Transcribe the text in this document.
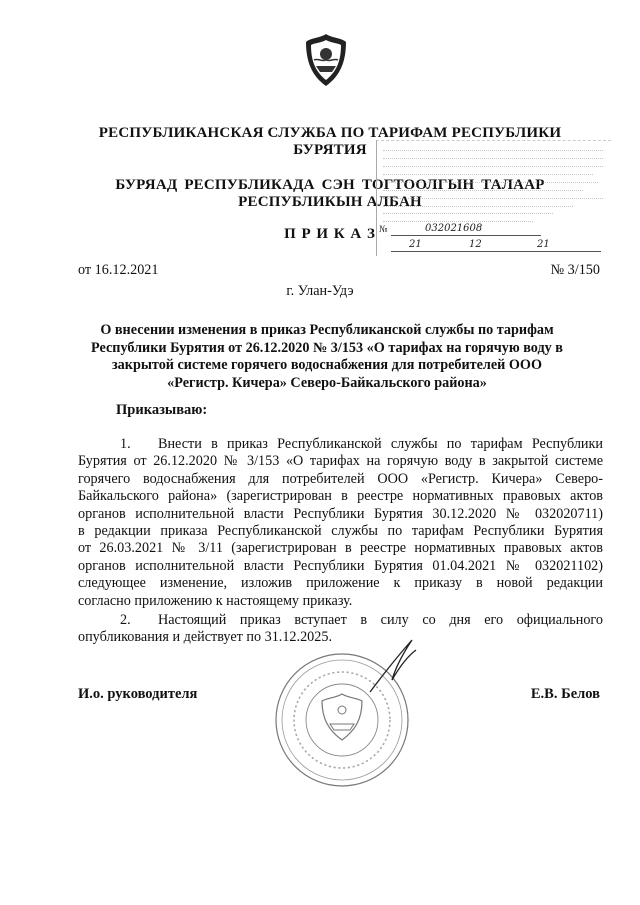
РЕСПУБЛИКАНСКАЯ СЛУЖБА ПО ТАРИФАМ РЕСПУБЛИКИ
БУРЯТИЯ
БУРЯАД РЕСПУБЛИКАДА СЭН ТОГТООЛГЫН ТАЛААР
РЕСПУБЛИКЫН АЛБАН
П Р И К А З №	032021608
21	12	21
от 16.12.2021	№ 3/150
г. Улан-Удэ
О внесении изменения в приказ Республиканской службы по тарифам
Республики Бурятия от 26.12.2020 № 3/153 «О тарифах на горячую воду в
закрытой системе горячего водоснабжения для потребителей ООО
«Регистр. Кичера» Северо-Байкальского района»
Приказываю:
1. Внести в приказ Республиканской службы по тарифам Республики
Бурятия от 26.12.2020 № 3/153 «О тарифах на горячую воду в закрытой системе
горячего водоснабжения для потребителей ООО «Регистр. Кичера» Северо-
Байкальского района» (зарегистрирован в реестре нормативных правовых актов
органов исполнительной власти Республики Бурятия 30.12.2020 № 032020711)
в редакции приказа Республиканской службы по тарифам Республики Бурятия
от 26.03.2021 № 3/11 (зарегистрирован в реестре нормативных правовых актов
органов исполнительной власти Республики Бурятия 01.04.2021 № 032021102)
следующее изменение, изложив приложение к приказу в новой редакции
согласно приложению к настоящему приказу.
2. Настоящий приказ вступает в силу со дня его официального
опубликования и действует по 31.12.2025.
И.о. руководителя	Е.В. Белов
